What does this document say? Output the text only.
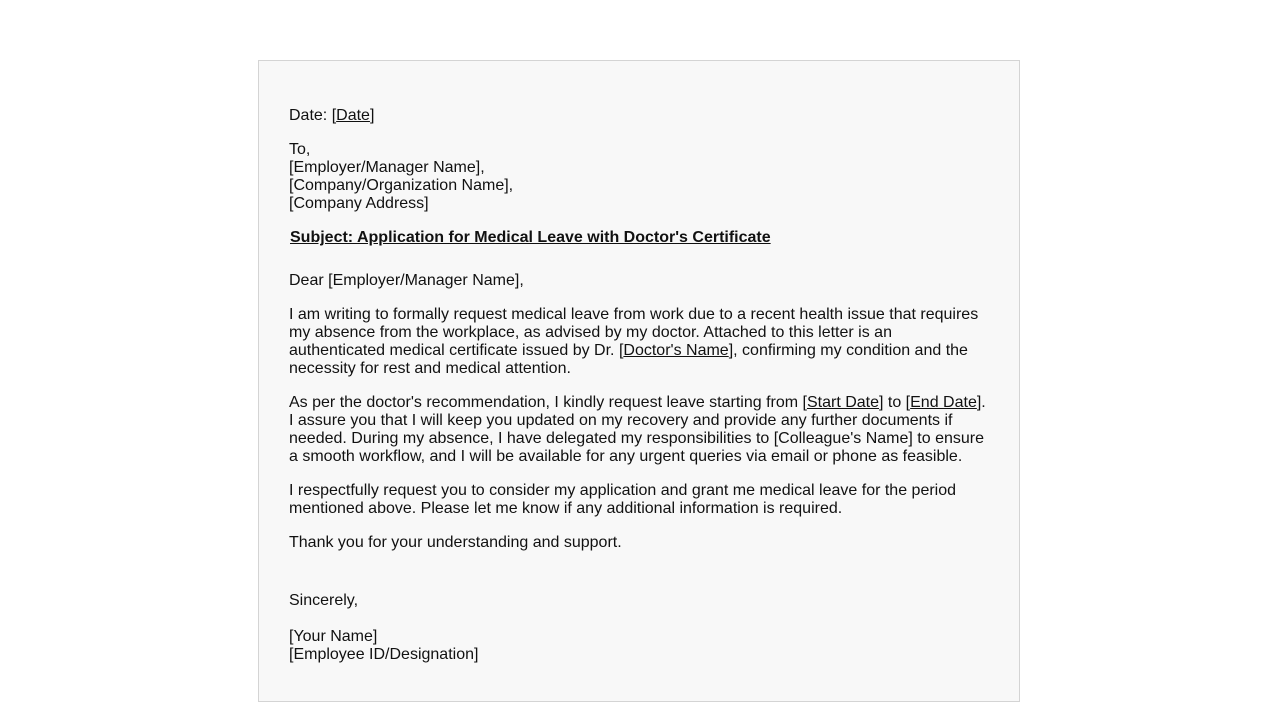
Date: [Date]
To,
[Employer/Manager Name],
[Company/Organization Name],
[Company Address]
Subject: Application for Medical Leave with Doctor's Certificate
Dear [Employer/Manager Name],
I am writing to formally request medical leave from work due to a recent health issue that requires
my absence from the workplace, as advised by my doctor. Attached to this letter is an
authenticated medical certificate issued by Dr. [Doctor's Name], confirming my condition and the
necessity for rest and medical attention.
As per the doctor's recommendation, I kindly request leave starting from [Start Date] to [End Date].
I assure you that I will keep you updated on my recovery and provide any further documents if
needed. During my absence, I have delegated my responsibilities to [Colleague's Name] to ensure
a smooth workflow, and I will be available for any urgent queries via email or phone as feasible.
I respectfully request you to consider my application and grant me medical leave for the period
mentioned above. Please let me know if any additional information is required.
Thank you for your understanding and support.
Sincerely,
[Your Name]
[Employee ID/Designation]
